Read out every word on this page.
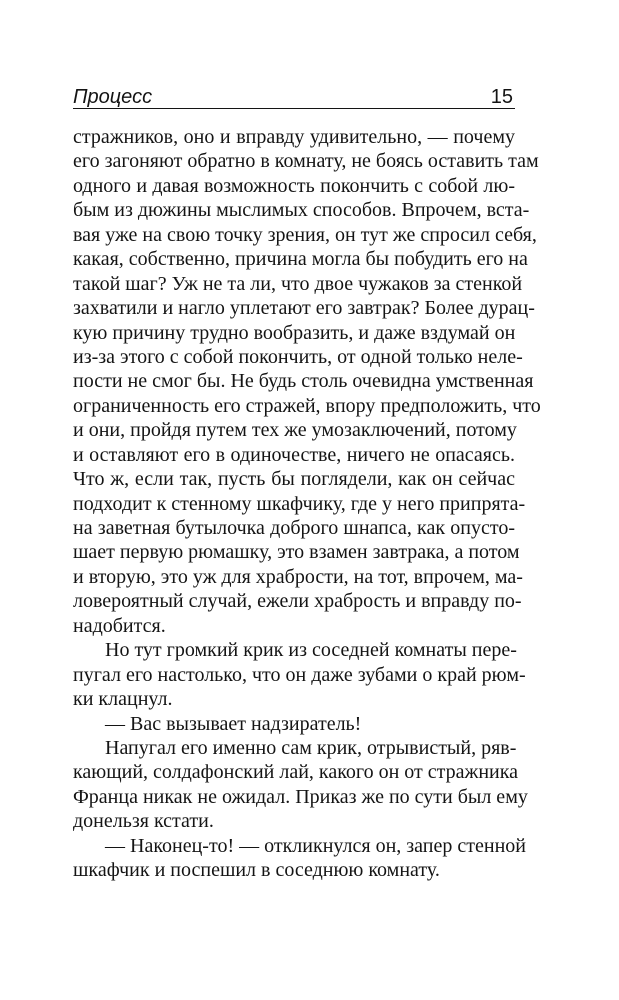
Процесс	15
стражников, оно и вправду удивительно, — почему
его загоняют обратно в комнату, не боясь оставить там
одного и давая возможность покончить с собой лю-
бым из дюжины мыслимых способов. Впрочем, вста-
вая уже на свою точку зрения, он тут же спросил себя,
какая, собственно, причина могла бы побудить его на
такой шаг? Уж не та ли, что двое чужаков за стенкой
захватили и нагло уплетают его завтрак? Более дурац-
кую причину трудно вообразить, и даже вздумай он
из-за этого с собой покончить, от одной только неле-
пости не смог бы. Не будь столь очевидна умственная
ограниченность его стражей, впору предположить, что
и они, пройдя путем тех же умозаключений, потому
и оставляют его в одиночестве, ничего не опасаясь.
Что ж, если так, пусть бы поглядели, как он сейчас
подходит к стенному шкафчику, где у него припрята-
на заветная бутылочка доброго шнапса, как опусто-
шает первую рюмашку, это взамен завтрака, а потом
и вторую, это уж для храбрости, на тот, впрочем, ма-
ловероятный случай, ежели храбрость и вправду по-
надобится.
Но тут громкий крик из соседней комнаты пере-
пугал его настолько, что он даже зубами о край рюм-
ки клацнул.
— Вас вызывает надзиратель!
Напугал его именно сам крик, отрывистый, ряв-
кающий, солдафонский лай, какого он от стражника
Франца никак не ожидал. Приказ же по сути был ему
донельзя кстати.
— Наконец-то! — откликнулся он, запер стенной
шкафчик и поспешил в соседнюю комнату.
